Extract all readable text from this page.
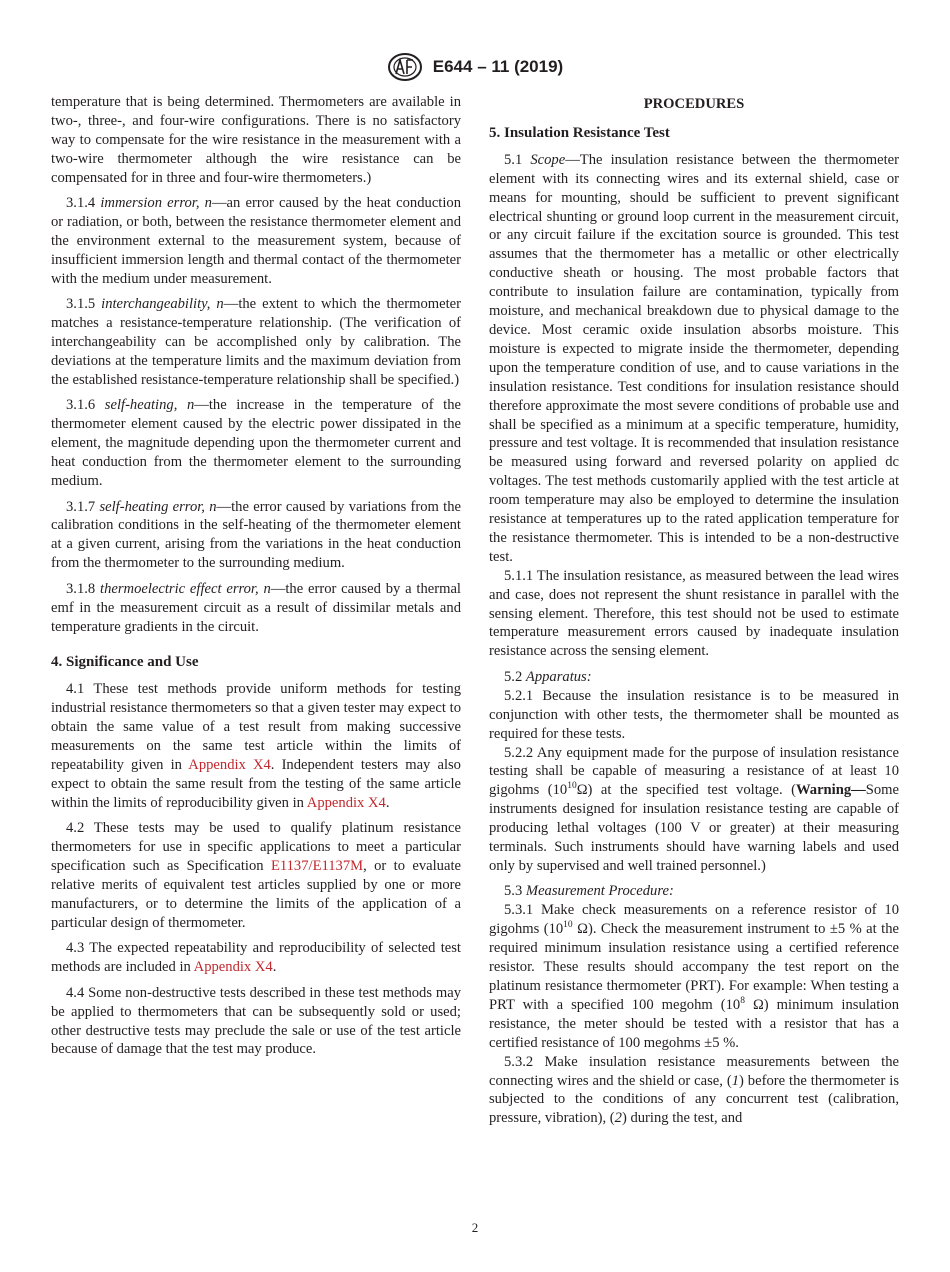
E644 – 11 (2019)

temperature that is being determined. Thermometers are available in two-, three-, and four-wire configurations. There is no satisfactory way to compensate for the wire resistance in the measurement with a two-wire thermometer although the wire resistance can be compensated for in three and four-wire thermometers.)

3.1.4 immersion error, n—an error caused by the heat conduction or radiation, or both, between the resistance thermometer element and the environment external to the measurement system, because of insufficient immersion length and thermal contact of the thermometer with the medium under measurement.

3.1.5 interchangeability, n—the extent to which the thermometer matches a resistance-temperature relationship. (The verification of interchangeability can be accomplished only by calibration. The deviations at the temperature limits and the maximum deviation from the established resistance-temperature relationship shall be specified.)

3.1.6 self-heating, n—the increase in the temperature of the thermometer element caused by the electric power dissipated in the element, the magnitude depending upon the thermometer current and heat conduction from the thermometer element to the surrounding medium.

3.1.7 self-heating error, n—the error caused by variations from the calibration conditions in the self-heating of the thermometer element at a given current, arising from the variations in the heat conduction from the thermometer to the surrounding medium.

3.1.8 thermoelectric effect error, n—the error caused by a thermal emf in the measurement circuit as a result of dissimilar metals and temperature gradients in the circuit.

4. Significance and Use

4.1 These test methods provide uniform methods for testing industrial resistance thermometers so that a given tester may expect to obtain the same value of a test result from making successive measurements on the same test article within the limits of repeatability given in Appendix X4. Independent testers may also expect to obtain the same result from the testing of the same article within the limits of reproducibility given in Appendix X4.

4.2 These tests may be used to qualify platinum resistance thermometers for use in specific applications to meet a particular specification such as Specification E1137/E1137M, or to evaluate relative merits of equivalent test articles supplied by one or more manufacturers, or to determine the limits of the application of a particular design of thermometer.

4.3 The expected repeatability and reproducibility of selected test methods are included in Appendix X4.

4.4 Some non-destructive tests described in these test methods may be applied to thermometers that can be subsequently sold or used; other destructive tests may preclude the sale or use of the test article because of damage that the test may produce.

PROCEDURES
5. Insulation Resistance Test

5.1 Scope—The insulation resistance between the thermometer element with its connecting wires and its external shield, case or means for mounting, should be sufficient to prevent significant electrical shunting or ground loop current in the measurement circuit, or any circuit failure if the excitation source is grounded. This test assumes that the thermometer has a metallic or other electrically conductive sheath or housing. The most probable factors that contribute to insulation failure are contamination, typically from moisture, and mechanical breakdown due to physical damage to the device. Most ceramic oxide insulation absorbs moisture. This moisture is expected to migrate inside the thermometer, depending upon the temperature condition of use, and to cause variations in the insulation resistance. Test conditions for insulation resistance should therefore approximate the most severe conditions of probable use and shall be specified as a minimum at a specific temperature, humidity, pressure and test voltage. It is recommended that insulation resistance be measured using forward and reversed polarity on applied dc voltages. The test methods customarily applied with the test article at room temperature may also be employed to determine the insulation resistance at temperatures up to the rated application temperature for the resistance thermometer. This is intended to be a non-destructive test.

5.1.1 The insulation resistance, as measured between the lead wires and case, does not represent the shunt resistance in parallel with the sensing element. Therefore, this test should not be used to estimate temperature measurement errors caused by inadequate insulation resistance across the sensing element.

5.2 Apparatus:

5.2.1 Because the insulation resistance is to be measured in conjunction with other tests, the thermometer shall be mounted as required for these tests.

5.2.2 Any equipment made for the purpose of insulation resistance testing shall be capable of measuring a resistance of at least 10 gigohms $(10^{10}\Omega)$ at the specified test voltage. (Warning—Some instruments designed for insulation resistance testing are capable of producing lethal voltages (100 V or greater) at their measuring terminals. Such instruments should have warning labels and used only by supervised and well trained personnel.)

5.3 Measurement Procedure:

5.3.1 Make check measurements on a reference resistor of 10 gigohms ($10^{10}$ Ω). Check the measurement instrument to ±5 % at the required minimum insulation resistance using a certified reference resistor. These results should accompany the test report on the platinum resistance thermometer (PRT). For example: When testing a PRT with a specified 100 megohm ($10^8$ Ω) minimum insulation resistance, the meter should be tested with a resistor that has a certified resistance of 100 megohms ±5 %.

5.3.2 Make insulation resistance measurements between the connecting wires and the shield or case, (1) before the thermometer is subjected to the conditions of any concurrent test (calibration, pressure, vibration), (2) during the test, and

2
